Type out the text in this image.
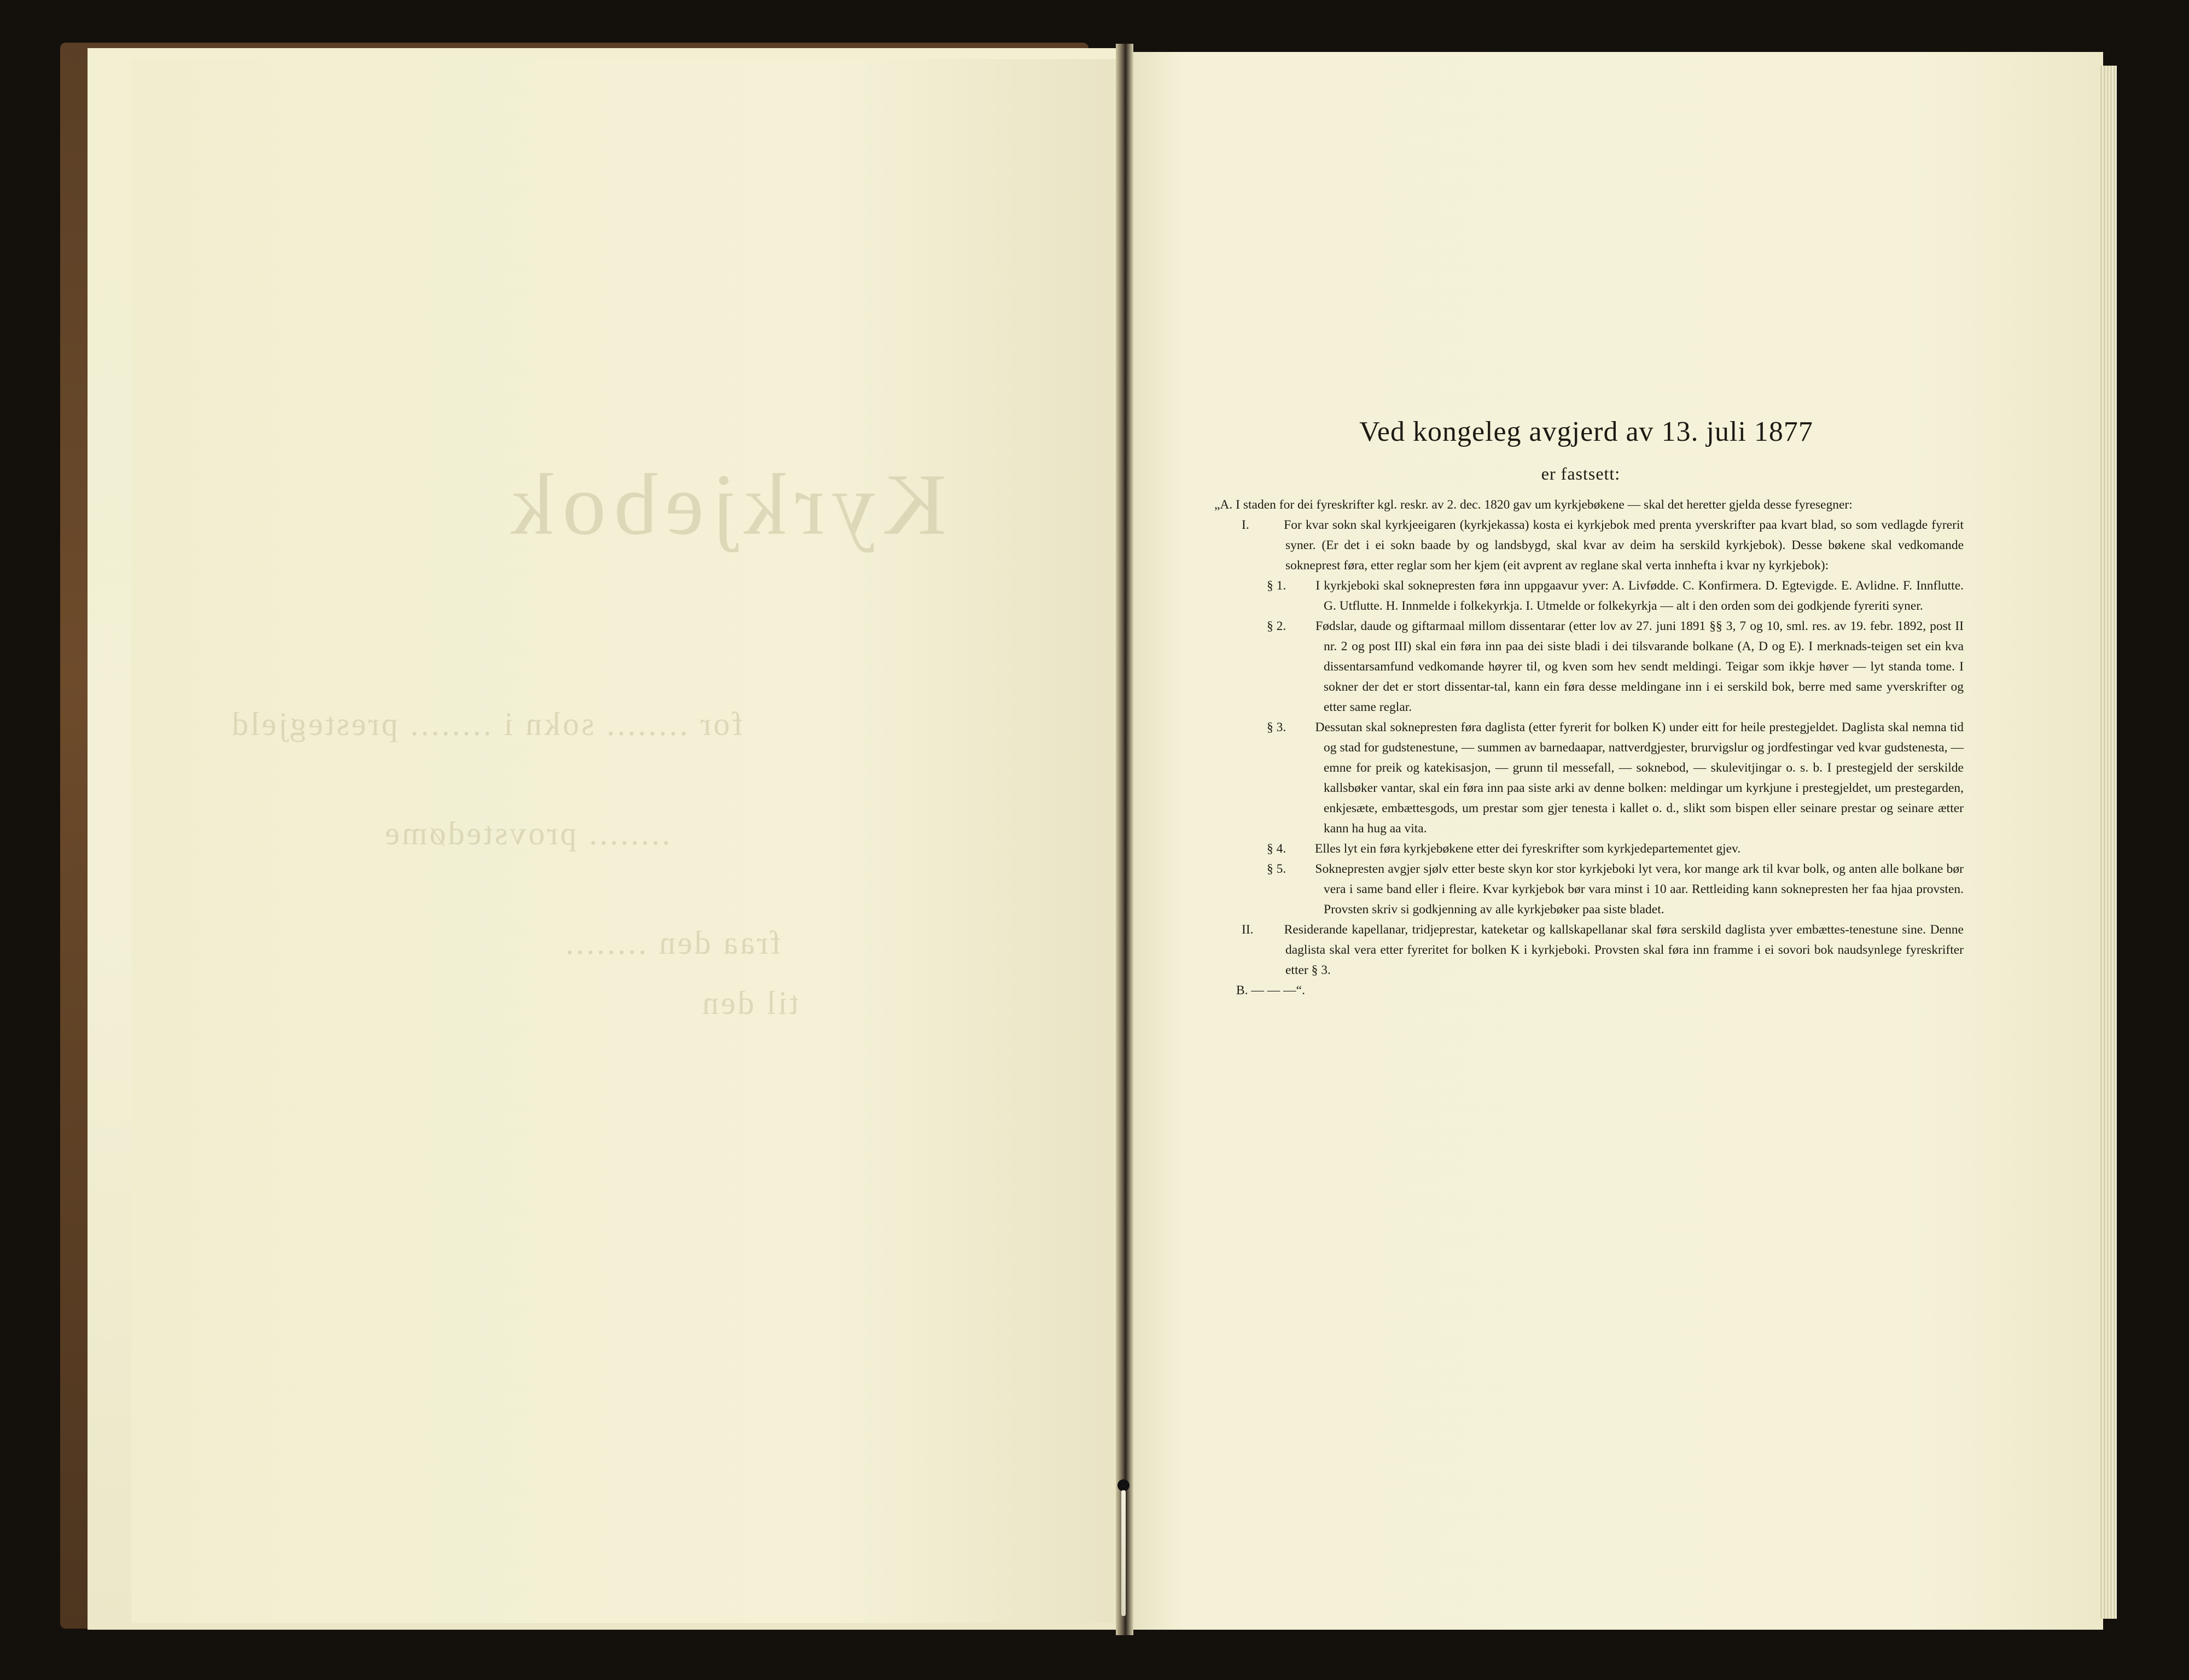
Kyrkjebok
for ........ sokn i ........ prestegjeld
........ provstedøme
fraa den ........
til den
Ved kongeleg avgjerd av 13. juli 1877
er fastsett:

„A. I staden for dei fyreskrifter kgl. reskr. av 2. dec. 1820 gav um kyrkjebøkene — skal det heretter gjelda desse fyresegner:

I.	For kvar sokn skal kyrkjeeigaren (kyrkjekassa) kosta ei kyrkjebok med prenta yverskrifter paa kvart blad, so som vedlagde fyrerit syner. (Er det i ei sokn baade by og landsbygd, skal kvar av deim ha serskild kyrkjebok). Desse bøkene skal vedkomande sokneprest føra, etter reglar som her kjem (eit avprent av reglane skal verta innhefta i kvar ny kyrkjebok):

§ 1. I kyrkjeboki skal soknepresten føra inn uppgaavur yver: A. Livfødde. C. Konfirmera. D. Egtevigde. E. Avlidne. F. Innflutte. G. Utflutte. H. Innmelde i folkekyrkja. I. Utmelde or folkekyrkja — alt i den orden som dei godkjende fyreriti syner.

§ 2. Fødslar, daude og giftarmaal millom dissentarar (etter lov av 27. juni 1891 §§ 3, 7 og 10, sml. res. av 19. febr. 1892, post II nr. 2 og post III) skal ein føra inn paa dei siste bladi i dei tilsvarande bolkane (A, D og E). I merknads-teigen set ein kva dissentarsamfund vedkomande høyrer til, og kven som hev sendt meldingi. Teigar som ikkje høver — lyt standa tome. I sokner der det er stort dissentar-tal, kann ein føra desse meldingane inn i ei serskild bok, berre med same yverskrifter og etter same reglar.

§ 3. Dessutan skal soknepresten føra daglista (etter fyrerit for bolken K) under eitt for heile prestegjeldet. Daglista skal nemna tid og stad for gudstenestune, — summen av barnedaapar, nattverdgjester, brurvigslur og jordfestingar ved kvar gudstenesta, — emne for preik og katekisasjon, — grunn til messefall, — soknebod, — skulevitjingar o. s. b. I prestegjeld der serskilde kallsbøker vantar, skal ein føra inn paa siste arki av denne bolken: meldingar um kyrkjune i prestegjeldet, um prestegarden, enkjesæte, embættesgods, um prestar som gjer tenesta i kallet o. d., slikt som bispen eller seinare prestar og seinare ætter kann ha hug aa vita.

§ 4. Elles lyt ein føra kyrkjebøkene etter dei fyreskrifter som kyrkjedepartementet gjev.

§ 5. Soknepresten avgjer sjølv etter beste skyn kor stor kyrkjeboki lyt vera, kor mange ark til kvar bolk, og anten alle bolkane bør vera i same band eller i fleire. Kvar kyrkjebok bør vara minst i 10 aar. Rettleiding kann soknepresten her faa hjaa provsten. Provsten skriv si godkjenning av alle kyrkjebøker paa siste bladet.

II. Residerande kapellanar, tridjeprestar, kateketar og kallskapellanar skal føra serskild daglista yver embættes-tenestune sine. Denne daglista skal vera etter fyreritet for bolken K i kyrkjeboki. Provsten skal føra inn framme i ei sovori bok naudsynlege fyreskrifter etter § 3.

B. — — —“.
